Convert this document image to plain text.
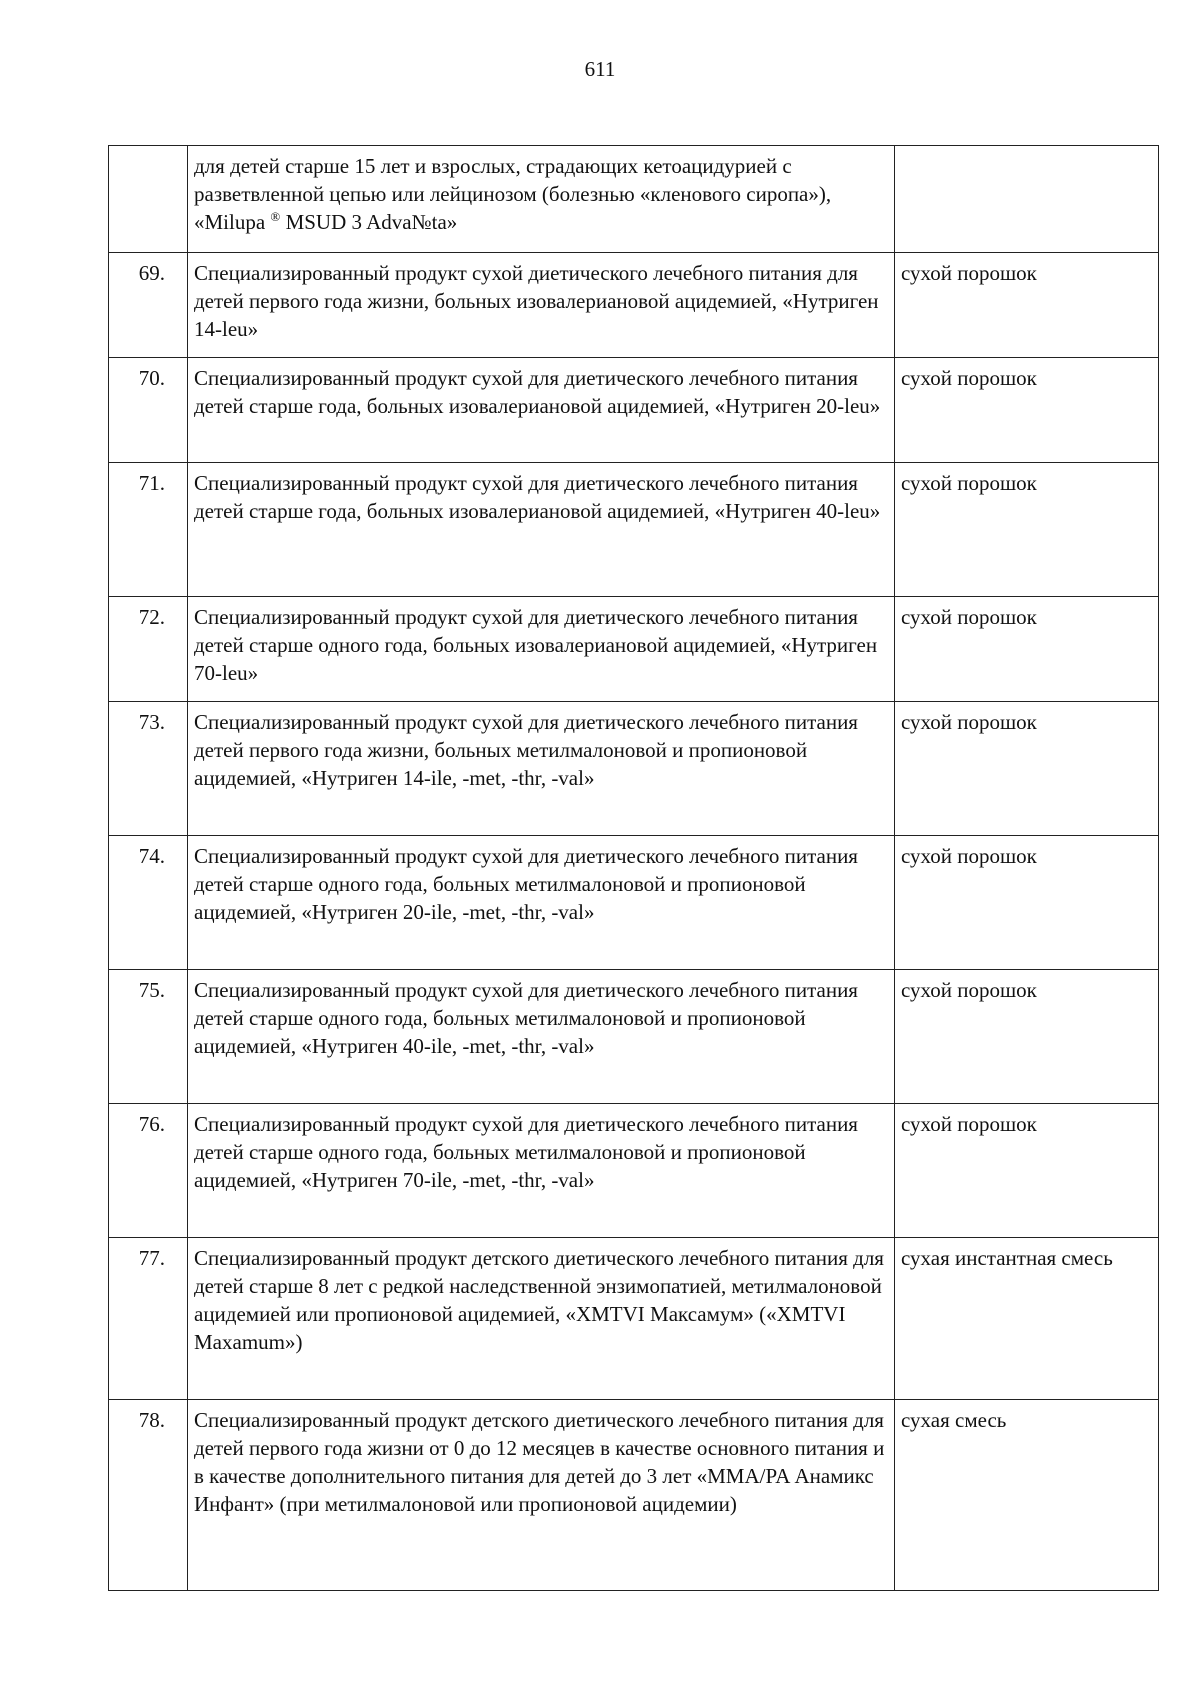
611
	для детей старше 15 лет и взрослых, страдающих кетоацидурией с разветвленной цепью или лейцинозом (болезнью «кленового сиропа»), «Milupa ® MSUD 3 Advа№ta»	
69.	Специализированный продукт сухой диетического лечебного питания для детей первого года жизни, больных изовалериановой ацидемией, «Нутриген 14-leu»	сухой порошок
70.	Специализированный продукт сухой для диетического лечебного питания детей старше года, больных изовалериановой ацидемией, «Нутриген 20-leu»	сухой порошок
71.	Специализированный продукт сухой для диетического лечебного питания детей старше года, больных изовалериановой ацидемией, «Нутриген 40-leu»	сухой порошок
72.	Специализированный продукт сухой для диетического лечебного питания детей старше одного года, больных изовалериановой ацидемией, «Нутриген 70-leu»	сухой порошок
73.	Специализированный продукт сухой для диетического лечебного питания детей первого года жизни, больных метилмалоновой и пропионовой ацидемией, «Нутриген 14-ile, -met, -thr, -val»	сухой порошок
74.	Специализированный продукт сухой для диетического лечебного питания детей старше одного года, больных метилмалоновой и пропионовой ацидемией, «Нутриген 20-ile, -met, -thr, -val»	сухой порошок
75.	Специализированный продукт сухой для диетического лечебного питания детей старше одного года, больных метилмалоновой и пропионовой ацидемией, «Нутриген 40-ile, -met, -thr, -val»	сухой порошок
76.	Специализированный продукт сухой для диетического лечебного питания детей старше одного года, больных метилмалоновой и пропионовой ацидемией, «Нутриген 70-ile, -met, -thr, -val»	сухой порошок
77.	Специализированный продукт детского диетического лечебного питания для детей старше 8 лет с редкой наследственной энзимопатией, метилмалоновой ацидемией или пропионовой ацидемией, «XMTVI Максамум» («XMTVI Maxamum»)	сухая инстантная смесь
78.	Специализированный продукт детского диетического лечебного питания для детей первого года жизни от 0 до 12 месяцев в качестве основного питания и в качестве дополнительного питания для детей до 3 лет «MMA/PA Анамикс Инфант» (при метилмалоновой или пропионовой ацидемии)	сухая смесь
